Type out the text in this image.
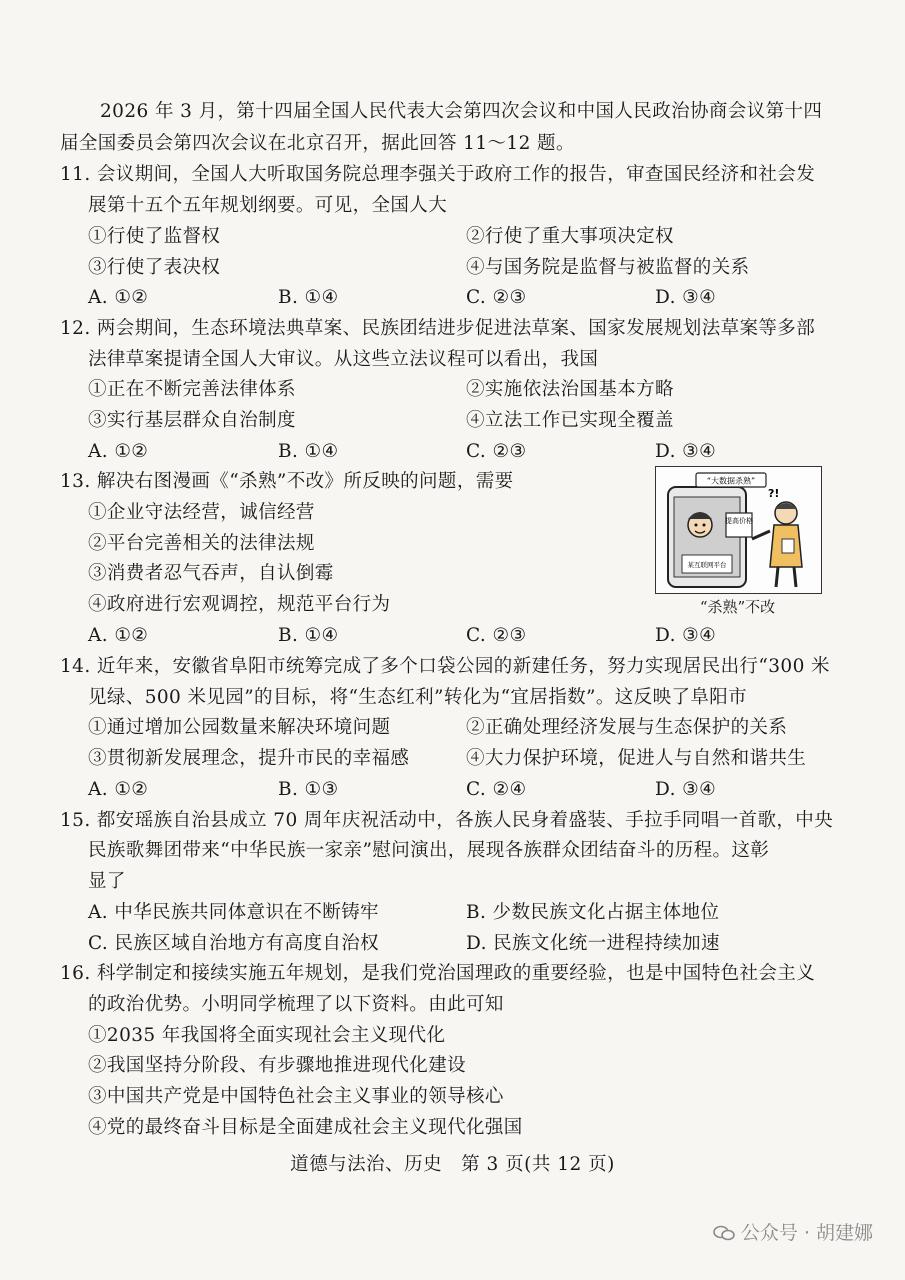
2026 年 3 月，第十四届全国人民代表大会第四次会议和中国人民政治协商会议第十四
届全国委员会第四次会议在北京召开，据此回答 11～12 题。
11. 会议期间，全国人大听取国务院总理李强关于政府工作的报告，审查国民经济和社会发
展第十五个五年规划纲要。可见，全国人大
①行使了监督权	②行使了重大事项决定权
③行使了表决权	④与国务院是监督与被监督的关系
A. ①②	B. ①④	C. ②③	D. ③④
12. 两会期间，生态环境法典草案、民族团结进步促进法草案、国家发展规划法草案等多部
法律草案提请全国人大审议。从这些立法议程可以看出，我国
①正在不断完善法律体系	②实施依法治国基本方略
③实行基层群众自治制度	④立法工作已实现全覆盖
A. ①②	B. ①④	C. ②③	D. ③④
13. 解决右图漫画《“杀熟”不改》所反映的问题，需要
①企业守法经营，诚信经营
②平台完善相关的法律法规
③消费者忍气吞声，自认倒霉
④政府进行宏观调控，规范平台行为
A. ①②	B. ①④	C. ②③	D. ③④
“大数据杀熟”
提高价格
某互联网平台
?!
“杀熟”不改
14. 近年来，安徽省阜阳市统筹完成了多个口袋公园的新建任务，努力实现居民出行“300 米
见绿、500 米见园”的目标，将“生态红利”转化为“宜居指数”。这反映了阜阳市
①通过增加公园数量来解决环境问题	②正确处理经济发展与生态保护的关系
③贯彻新发展理念，提升市民的幸福感	④大力保护环境，促进人与自然和谐共生
A. ①②	B. ①③	C. ②④	D. ③④
15. 都安瑶族自治县成立 70 周年庆祝活动中，各族人民身着盛装、手拉手同唱一首歌，中央
民族歌舞团带来“中华民族一家亲”慰问演出，展现各族群众团结奋斗的历程。这彰
显了
A. 中华民族共同体意识在不断铸牢	B. 少数民族文化占据主体地位
C. 民族区域自治地方有高度自治权	D. 民族文化统一进程持续加速
16. 科学制定和接续实施五年规划，是我们党治国理政的重要经验，也是中国特色社会主义
的政治优势。小明同学梳理了以下资料。由此可知
①2035 年我国将全面实现社会主义现代化
②我国坚持分阶段、有步骤地推进现代化建设
③中国共产党是中国特色社会主义事业的领导核心
④党的最终奋斗目标是全面建成社会主义现代化强国
道德与法治、历史　第 3 页(共 12 页)
公众号 · 胡建娜
